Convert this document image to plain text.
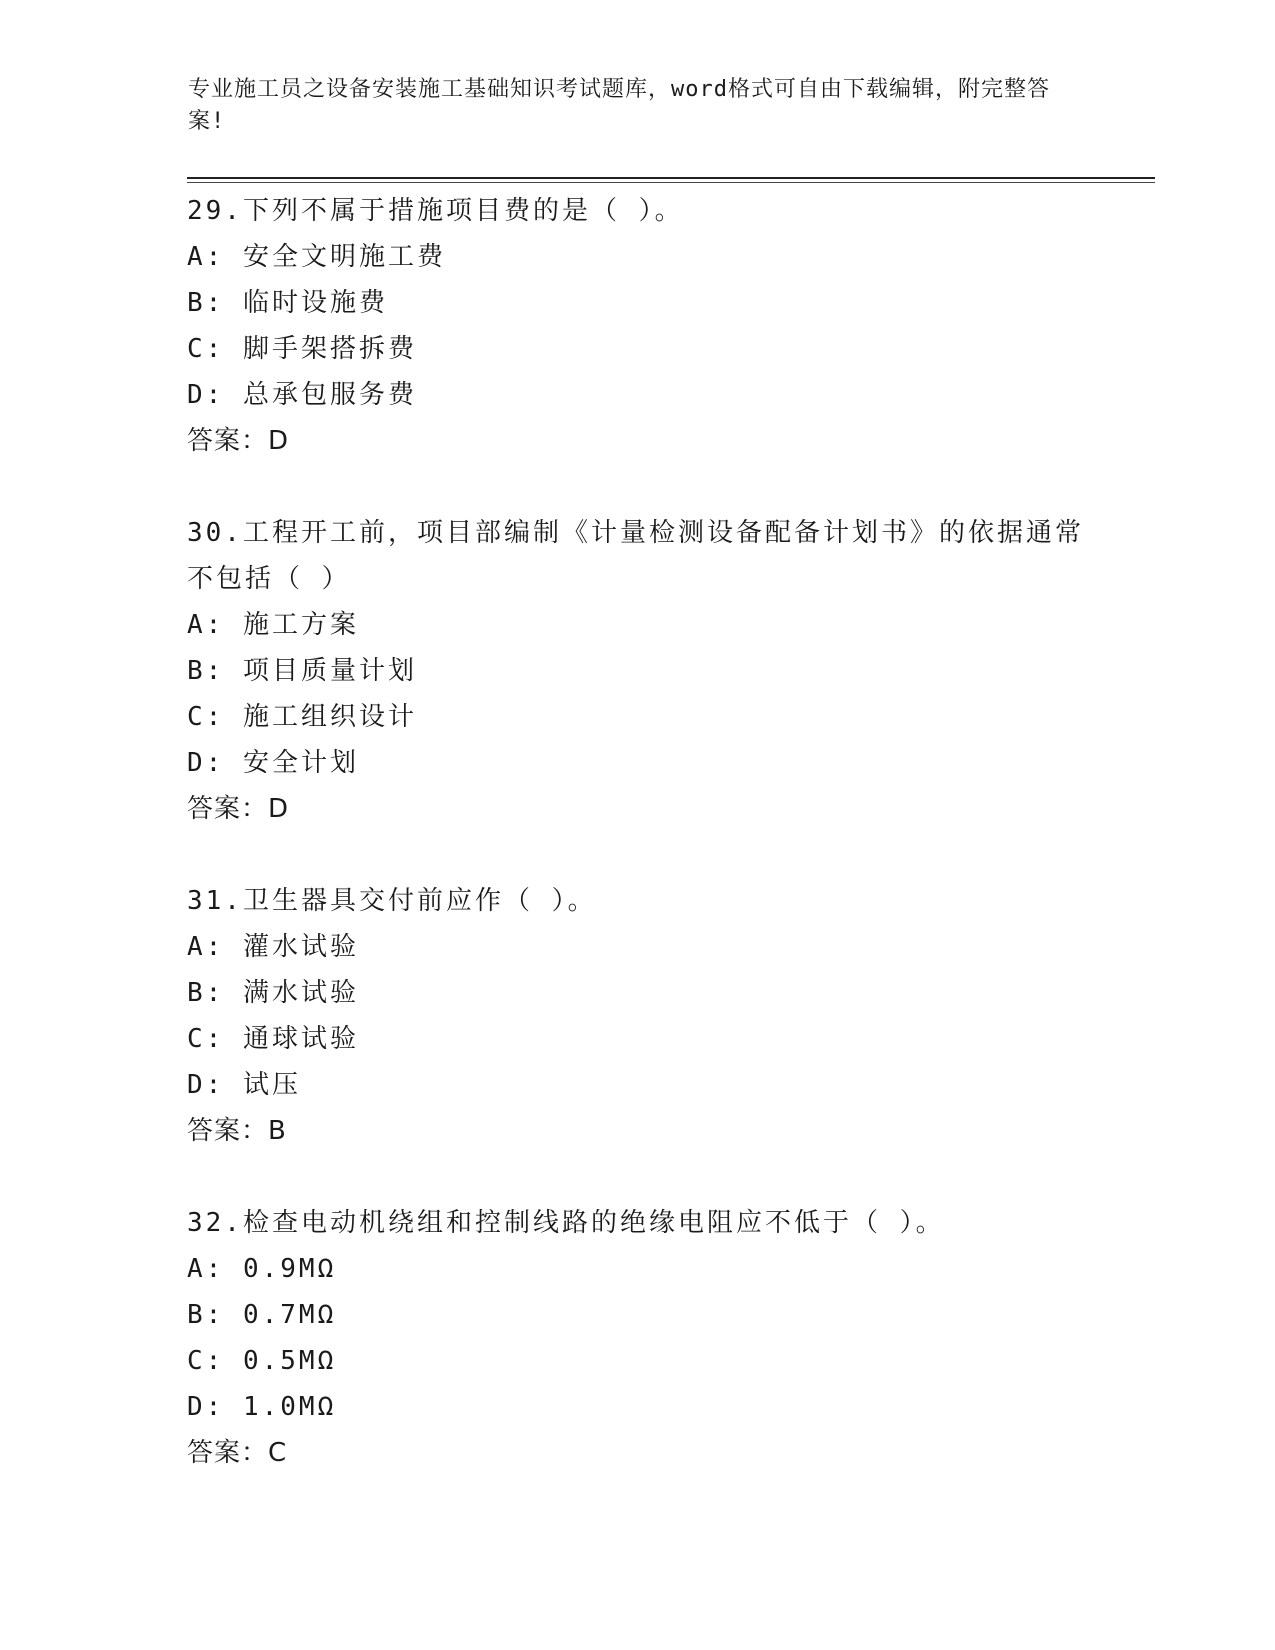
专业施工员之设备安装施工基础知识考试题库，word格式可自由下载编辑，附完整答案!

29.下列不属于措施项目费的是（ ）。

A: 安全文明施工费

B: 临时设施费

C: 脚手架搭拆费

D: 总承包服务费

答案：D

30.工程开工前，项目部编制《计量检测设备配备计划书》的依据通常不包括（ ）

A: 施工方案

B: 项目质量计划

C: 施工组织设计

D: 安全计划

答案：D

31.卫生器具交付前应作（ ）。

A: 灌水试验

B: 满水试验

C: 通球试验

D: 试压

答案：B

32.检查电动机绕组和控制线路的绝缘电阻应不低于（ ）。

A: 0.9MΩ

B: 0.7MΩ

C: 0.5MΩ

D: 1.0MΩ

答案：C
